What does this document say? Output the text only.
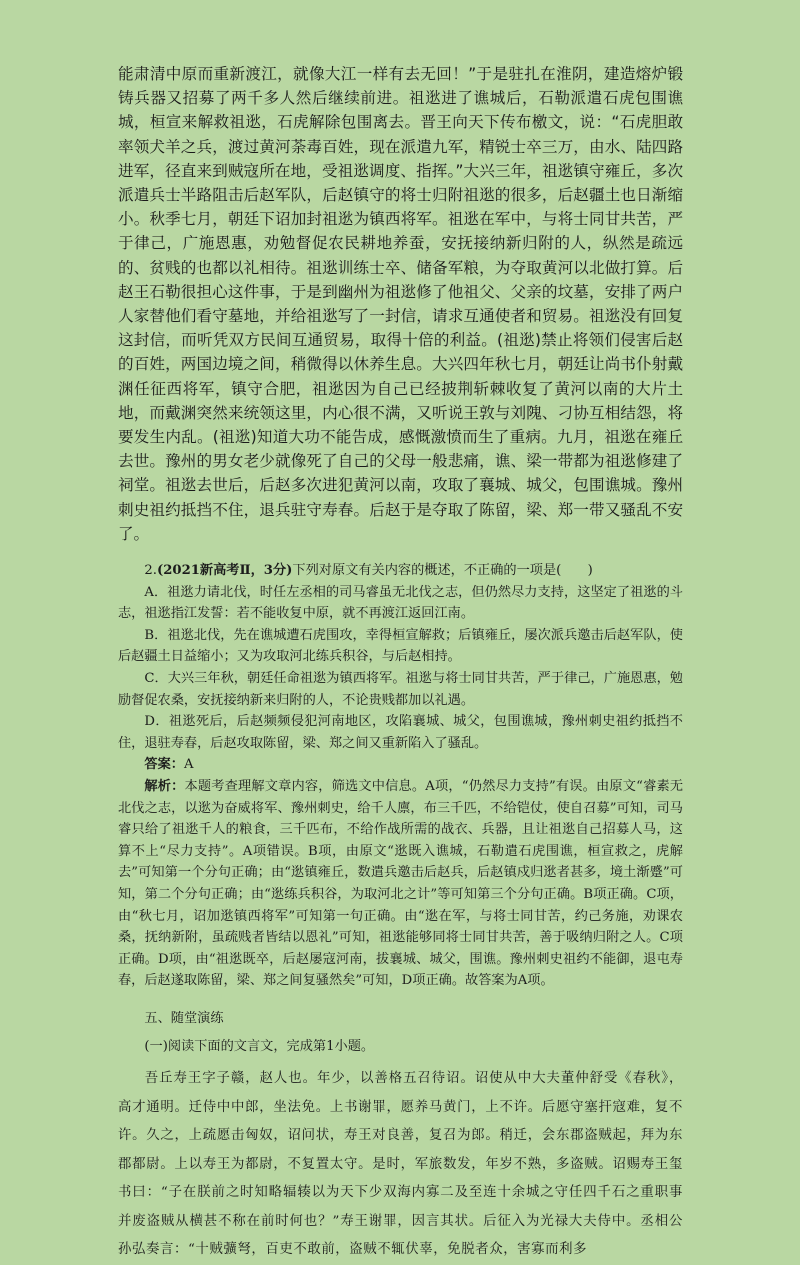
能肃清中原而重新渡江，就像大江一样有去无回！”于是驻扎在淮阴，建造熔炉锻铸兵器又招募了两千多人然后继续前进。祖逖进了谯城后，石勒派遣石虎包围谯城，桓宣来解救祖逖，石虎解除包围离去。晋王向天下传布檄文，说：“石虎胆敢率领犬羊之兵，渡过黄河荼毒百姓，现在派遣九军，精锐士卒三万，由水、陆四路进军，径直来到贼寇所在地，受祖逖调度、指挥。”大兴三年，祖逖镇守雍丘，多次派遣兵士半路阻击后赵军队，后赵镇守的将士归附祖逖的很多，后赵疆土也日渐缩小。秋季七月，朝廷下诏加封祖逖为镇西将军。祖逖在军中，与将士同甘共苦，严于律己，广施恩惠，劝勉督促农民耕地养蚕，安抚接纳新归附的人，纵然是疏远的、贫贱的也都以礼相待。祖逖训练士卒、储备军粮，为夺取黄河以北做打算。后赵王石勒很担心这件事，于是到幽州为祖逖修了他祖父、父亲的坟墓，安排了两户人家替他们看守墓地，并给祖逖写了一封信，请求互通使者和贸易。祖逖没有回复这封信，而听凭双方民间互通贸易，取得十倍的利益。(祖逖)禁止将领们侵害后赵的百姓，两国边境之间，稍微得以休养生息。大兴四年秋七月，朝廷让尚书仆射戴渊任征西将军，镇守合肥，祖逖因为自己已经披荆斩棘收复了黄河以南的大片土地，而戴渊突然来统领这里，内心很不满，又听说王敦与刘隗、刁协互相结怨，将要发生内乱。(祖逖)知道大功不能告成，感慨激愤而生了重病。九月，祖逖在雍丘去世。豫州的男女老少就像死了自己的父母一般悲痛，谯、梁一带都为祖逖修建了祠堂。祖逖去世后，后赵多次进犯黄河以南，攻取了襄城、城父，包围谯城。豫州刺史祖约抵挡不住，退兵驻守寿春。后赵于是夺取了陈留，梁、郑一带又骚乱不安了。

2.(2021新高考Ⅱ，3分)下列对原文有关内容的概述，不正确的一项是(　　)

A．祖逖力请北伐，时任左丞相的司马睿虽无北伐之志，但仍然尽力支持，这坚定了祖逖的斗志，祖逖指江发誓：若不能收复中原，就不再渡江返回江南。

B．祖逖北伐，先在谯城遭石虎围攻，幸得桓宣解救；后镇雍丘，屡次派兵邀击后赵军队，使后赵疆土日益缩小；又为攻取河北练兵积谷，与后赵相持。

C．大兴三年秋，朝廷任命祖逖为镇西将军。祖逖与将士同甘共苦，严于律己，广施恩惠，勉励督促农桑，安抚接纳新来归附的人，不论贵贱都加以礼遇。

D．祖逖死后，后赵频频侵犯河南地区，攻陷襄城、城父，包围谯城，豫州刺史祖约抵挡不住，退驻寿春，后赵攻取陈留，梁、郑之间又重新陷入了骚乱。

答案：A

解析：本题考查理解文章内容，筛选文中信息。A项，“仍然尽力支持”有误。由原文“睿素无北伐之志，以逖为奋威将军、豫州刺史，给千人廪，布三千匹，不给铠仗，使自召募”可知，司马睿只给了祖逖千人的粮食，三千匹布，不给作战所需的战衣、兵器，且让祖逖自己招募人马，这算不上“尽力支持”。A项错误。B项，由原文“逖既入谯城，石勒遣石虎围谯，桓宣救之，虎解去”可知第一个分句正确；由“逖镇雍丘，数遣兵邀击后赵兵，后赵镇戍归逖者甚多，境土渐蹙”可知，第二个分句正确；由“逖练兵积谷，为取河北之计”等可知第三个分句正确。B项正确。C项，由“秋七月，诏加逖镇西将军”可知第一句正确。由“逖在军，与将士同甘苦，约己务施，劝课农桑，抚纳新附，虽疏贱者皆结以恩礼”可知，祖逖能够同将士同甘共苦，善于吸纳归附之人。C项正确。D项，由“祖逖既卒，后赵屡寇河南，拔襄城、城父，围谯。豫州刺史祖约不能御，退屯寿春，后赵遂取陈留，梁、郑之间复骚然矣”可知，D项正确。故答案为A项。

五、随堂演练

(一)阅读下面的文言文，完成第1小题。

吾丘寿王字子赣，赵人也。年少，以善格五召待诏。诏使从中大夫董仲舒受《春秋》，高才通明。迁侍中中郎，坐法免。上书谢罪，愿养马黄门，上不许。后愿守塞扞寇难，复不许。久之，上疏愿击匈奴，诏问状，寿王对良善，复召为郎。稍迁，会东郡盗贼起，拜为东郡都尉。上以寿王为都尉，不复置太守。是时，军旅数发，年岁不熟，多盗贼。诏赐寿王玺书曰：“子在朕前之时知略辐辏以为天下少双海内寡二及至连十余城之守任四千石之重职事并废盗贼从横甚不称在前时何也？”寿王谢罪，因言其状。后征入为光禄大夫侍中。丞相公孙弘奏言：“十贼彍弩，百吏不敢前，盗贼不辄伏辜，免脱者众，害寡而利多
